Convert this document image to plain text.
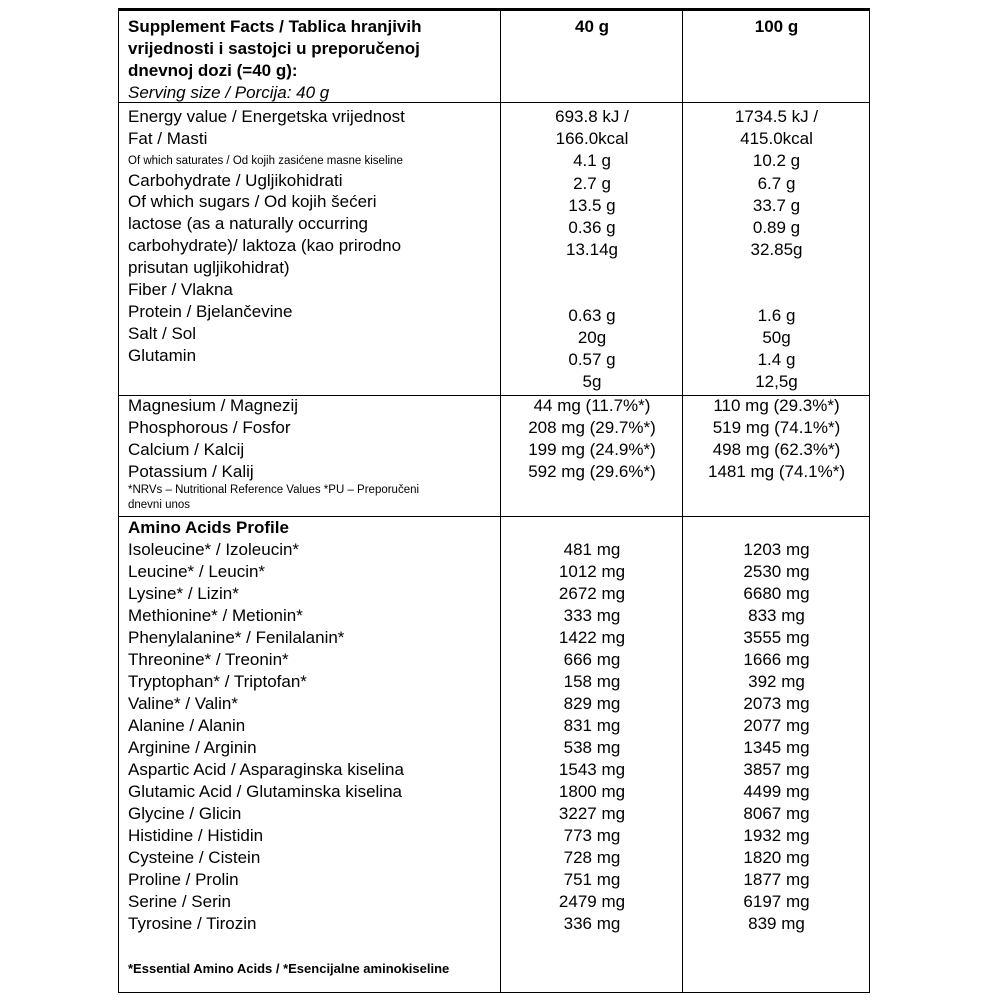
Supplement Facts / Tablica hranjivih
vrijednosti i sastojci u preporučenoj
dnevnoj dozi (=40 g):
Serving size / Porcija: 40 g
40 g	100 g
Energy value / Energetska vrijednost
Fat / Masti
Of which saturates / Od kojih zasićene masne kiseline
Carbohydrate / Ugljikohidrati
Of which sugars / Od kojih šećeri
lactose (as a naturally occurring
carbohydrate)/ laktoza (kao prirodno
prisutan ugljikohidrat)
Fiber / Vlakna
Protein / Bjelančevine
Salt / Sol
Glutamin
693.8 kJ /
166.0kcal
4.1 g
2.7 g
13.5 g
0.36 g
13.14g
0.63 g
20g
0.57 g
5g
1734.5 kJ /
415.0kcal
10.2 g
6.7 g
33.7 g
0.89 g
32.85g
1.6 g
50g
1.4 g
12,5g
Magnesium / Magnezij
Phosphorous / Fosfor
Calcium / Kalcij
Potassium / Kalij
*NRVs – Nutritional Reference Values *PU – Preporučeni
dnevni unos
44 mg (11.7%*)
208 mg (29.7%*)
199 mg (24.9%*)
592 mg (29.6%*)
110 mg (29.3%*)
519 mg (74.1%*)
498 mg (62.3%*)
1481 mg (74.1%*)
Amino Acids Profile
Isoleucine* / Izoleucin*
Leucine* / Leucin*
Lysine* / Lizin*
Methionine* / Metionin*
Phenylalanine* / Fenilalanin*
Threonine* / Treonin*
Tryptophan* / Triptofan*
Valine* / Valin*
Alanine / Alanin
Arginine / Arginin
Aspartic Acid / Asparaginska kiselina
Glutamic Acid / Glutaminska kiselina
Glycine / Glicin
Histidine / Histidin
Cysteine / Cistein
Proline / Prolin
Serine / Serin
Tyrosine / Tirozin
481 mg
1012 mg
2672 mg
333 mg
1422 mg
666 mg
158 mg
829 mg
831 mg
538 mg
1543 mg
1800 mg
3227 mg
773 mg
728 mg
751 mg
2479 mg
336 mg
1203 mg
2530 mg
6680 mg
833 mg
3555 mg
1666 mg
392 mg
2073 mg
2077 mg
1345 mg
3857 mg
4499 mg
8067 mg
1932 mg
1820 mg
1877 mg
6197 mg
839 mg
*Essential Amino Acids / *Esencijalne aminokiseline
